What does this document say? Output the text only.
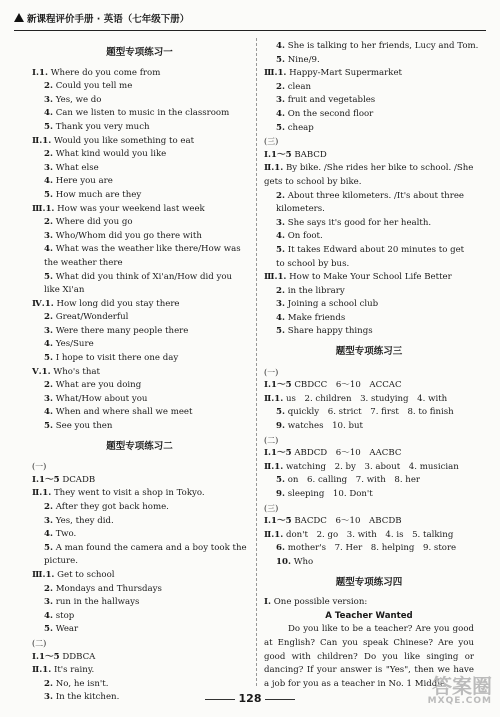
新课程评价手册 · 英语（七年级下册）
题型专项练习一
Ⅰ.1. Where do you come from
2. Could you tell me
3. Yes, we do
4. Can we listen to music in the classroom
5. Thank you very much
Ⅱ.1. Would you like something to eat
2. What kind would you like
3. What else
4. Here you are
5. How much are they
Ⅲ.1. How was your weekend last week
2. Where did you go
3. Who/Whom did you go there with
4. What was the weather like there/How was the weather there
5. What did you think of Xi'an/How did you like Xi'an
Ⅳ.1. How long did you stay there
2. Great/Wonderful
3. Were there many people there
4. Yes/Sure
5. I hope to visit there one day
Ⅴ.1. Who's that
2. What are you doing
3. What/How about you
4. When and where shall we meet
5. See you then
题型专项练习二
(一)
Ⅰ.1～5 DCADB
Ⅱ.1. They went to visit a shop in Tokyo.
2. After they got back home.
3. Yes, they did.
4. Two.
5. A man found the camera and a boy took the picture.
Ⅲ.1. Get to school
2. Mondays and Thursdays
3. run in the hallways
4. stop
5. Wear
(二)
Ⅰ.1～5 DDBCA
Ⅱ.1. It's rainy.
2. No, he isn't.
3. In the kitchen.
4. She is talking to her friends, Lucy and Tom.
5. Nine/9.
Ⅲ.1. Happy-Mart Supermarket
2. clean
3. fruit and vegetables
4. On the second floor
5. cheap
(三)
Ⅰ.1～5 BABCD
Ⅱ.1. By bike. /She rides her bike to school. /She gets to school by bike.
2. About three kilometers. /It's about three kilometers.
3. She says it's good for her health.
4. On foot.
5. It takes Edward about 20 minutes to get to school by bus.
Ⅲ.1. How to Make Your School Life Better
2. in the library
3. Joining a school club
4. Make friends
5. Share happy things
题型专项练习三
(一)
Ⅰ.1～5 CBDCC　6～10　ACCAC
Ⅱ.1. us　2. children　3. studying　4. with
5. quickly　6. strict　7. first　8. to finish
9. watches　10. but
(二)
Ⅰ.1～5 ABDCD　6～10　AACBC
Ⅱ.1. watching　2. by　3. about　4. musician
5. on　6. calling　7. with　8. her
9. sleeping　10. Don't
(三)
Ⅰ.1～5 BACDC　6～10　ABCDB
Ⅱ.1. don't　2. go　3. with　4. is　5. talking
6. mother's　7. Her　8. helping　9. store
10. Who
题型专项练习四
Ⅰ. One possible version:
A Teacher Wanted
Do you like to be a teacher? Are you good at English? Can you speak Chinese? Are you good with children? Do you like singing or dancing? If your answer is "Yes", then we have a job for you as a teacher in No. 1 Middle
128
答案圈
MXQE.COM
